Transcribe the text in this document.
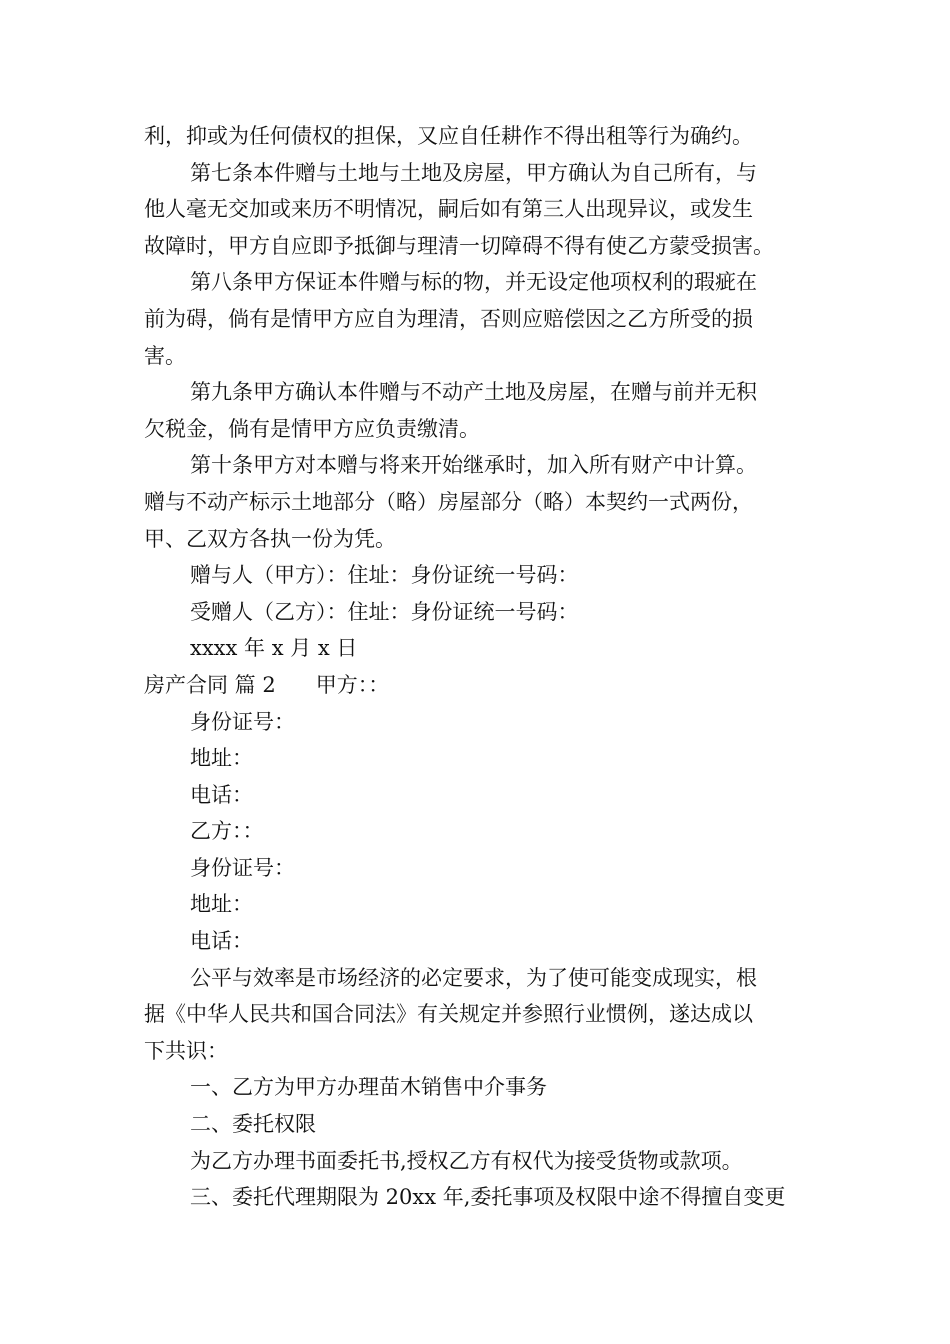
利，抑或为任何债权的担保，又应自任耕作不得出租等行为确约。
第七条本件赠与土地与土地及房屋，甲方确认为自己所有，与
他人毫无交加或来历不明情况，嗣后如有第三人出现异议，或发生
故障时，甲方自应即予抵御与理清一切障碍不得有使乙方蒙受损害。
第八条甲方保证本件赠与标的物，并无设定他项权利的瑕疵在
前为碍，倘有是情甲方应自为理清，否则应赔偿因之乙方所受的损
害。
第九条甲方确认本件赠与不动产土地及房屋，在赠与前并无积
欠税金，倘有是情甲方应负责缴清。
第十条甲方对本赠与将来开始继承时，加入所有财产中计算。
赠与不动产标示土地部分（略）房屋部分（略）本契约一式两份，
甲、乙双方各执一份为凭。
赠与人（甲方）：住址：身份证统一号码：
受赠人（乙方）：住址：身份证统一号码：
xxxx 年 x 月 x 日
房产合同 篇 2 甲方：：
身份证号：
地址：
电话：
乙方：：
身份证号：
地址：
电话：
公平与效率是市场经济的必定要求，为了使可能变成现实，根
据《中华人民共和国合同法》有关规定并参照行业惯例，遂达成以
下共识：
一、乙方为甲方办理苗木销售中介事务
二、委托权限
为乙方办理书面委托书,授权乙方有权代为接受货物或款项。
三、委托代理期限为 20xx 年,委托事项及权限中途不得擅自变更
